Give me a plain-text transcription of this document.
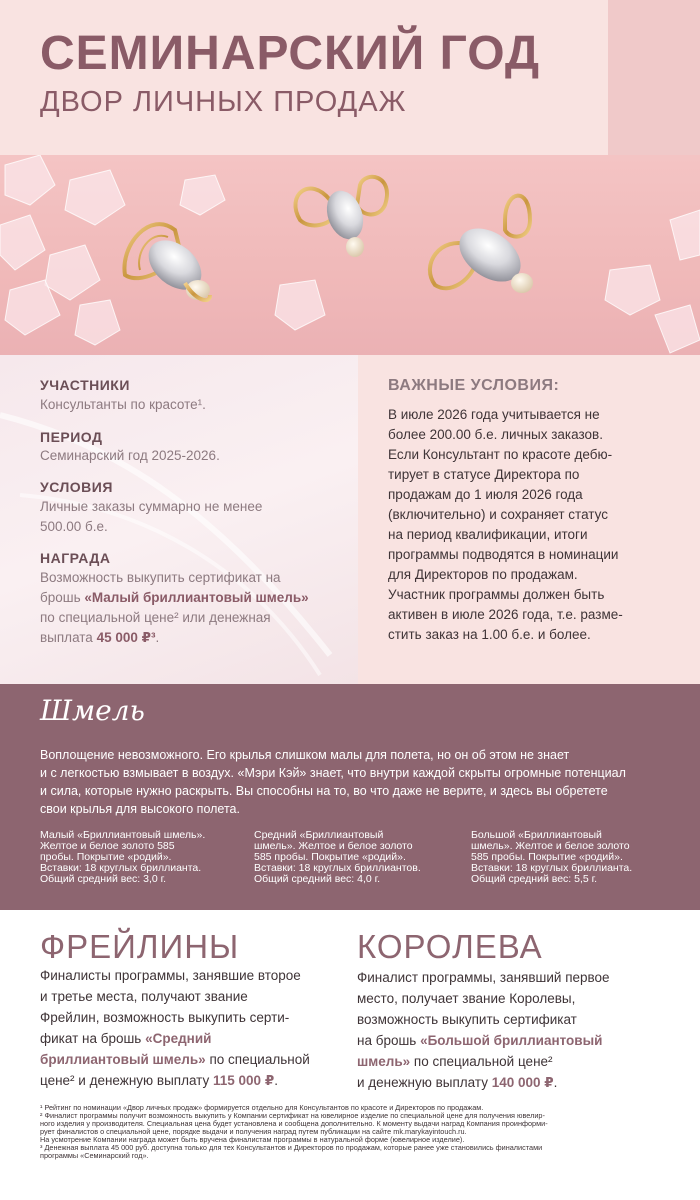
СЕМИНАРСКИЙ ГОД
ДВОР ЛИЧНЫХ ПРОДАЖ
УЧАСТНИКИ
Консультанты по красоте¹.
ПЕРИОД
Семинарский год 2025-2026.
УСЛОВИЯ
Личные заказы суммарно не менее
500.00 б.е.
НАГРАДА
Возможность выкупить сертификат на
брошь «Малый бриллиантовый шмель»
по специальной цене² или денежная
выплата 45 000 ₽³.
ВАЖНЫЕ УСЛОВИЯ:
В июле 2026 года учитывается не
более 200.00 б.е. личных заказов.
Если Консультант по красоте дебю-
тирует в статусе Директора по
продажам до 1 июля 2026 года
(включительно) и сохраняет статус
на период квалификации, итоги
программы подводятся в номинации
для Директоров по продажам.
Участник программы должен быть
активен в июле 2026 года, т.е. разме-
стить заказ на 1.00 б.е. и более.
Шмель
Воплощение невозможного. Его крылья слишком малы для полета, но он об этом не знает
и с легкостью взмывает в воздух. «Мэри Кэй» знает, что внутри каждой скрыты огромные потенциал
и сила, которые нужно раскрыть. Вы способны на то, во что даже не верите, и здесь вы обретете
свои крылья для высокого полета.
Малый «Бриллиантовый шмель».
Желтое и белое золото 585
пробы. Покрытие «родий».
Вставки: 18 круглых бриллианта.
Общий средний вес: 3,0 г.
Средний «Бриллиантовый
шмель». Желтое и белое золото
585 пробы. Покрытие «родий».
Вставки: 18 круглых бриллиантов.
Общий средний вес: 4,0 г.
Большой «Бриллиантовый
шмель». Желтое и белое золото
585 пробы. Покрытие «родий».
Вставки: 18 круглых бриллианта.
Общий средний вес: 5,5 г.
ФРЕЙЛИНЫ
Финалисты программы, занявшие второе
и третье места, получают звание
Фрейлин, возможность выкупить серти-
фикат на брошь «Средний
бриллиантовый шмель» по специальной
цене² и денежную выплату 115 000 ₽.
КОРОЛЕВА
Финалист программы, занявший первое
место, получает звание Королевы,
возможность выкупить сертификат
на брошь «Большой бриллиантовый
шмель» по специальной цене²
и денежную выплату 140 000 ₽.
¹ Рейтинг по номинации «Двор личных продаж» формируется отдельно для Консультантов по красоте и Директоров по продажам.
² Финалист программы получит возможность выкупить у Компании сертификат на ювелирное изделие по специальной цене для получения ювелир-
ного изделия у производителя. Специальная цена будет установлена и сообщена дополнительно. К моменту выдачи наград Компания проинформи-
рует финалистов о специальной цене, порядке выдачи и получения наград путем публикации на сайте mk.marykayintouch.ru.
На усмотрение Компании награда может быть вручена финалистам программы в натуральной форме (ювелирное изделие).
³ Денежная выплата 45 000 руб. доступна только для тех Консультантов и Директоров по продажам, которые ранее уже становились финалистами
программы «Семинарский год».
